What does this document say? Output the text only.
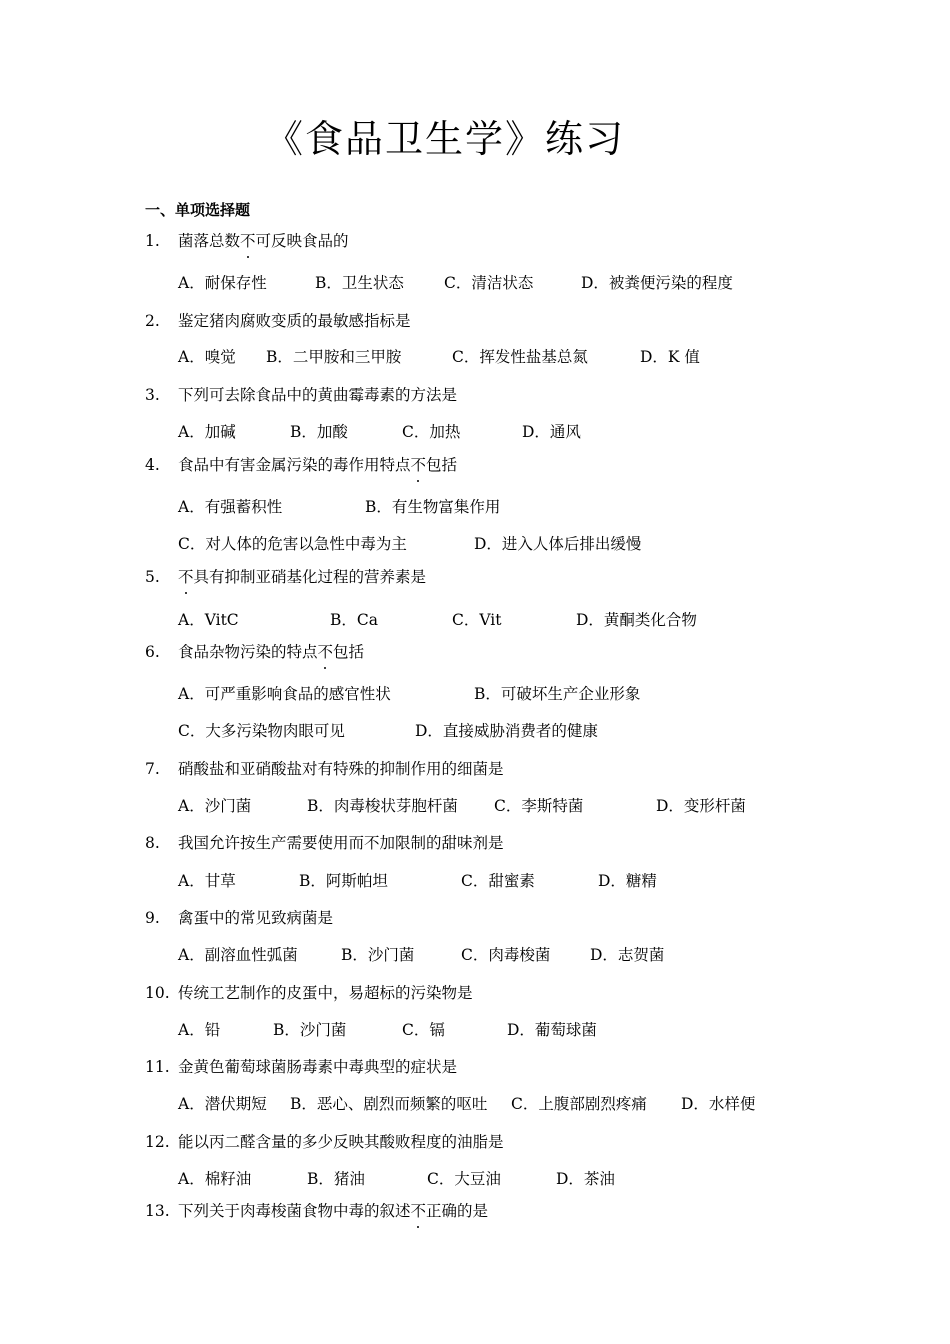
《食品卫生学》练习
一、单项选择题
1. 菌落总数不可反映食品的
A．耐保存性	B．卫生状态	C．清洁状态	D．被粪便污染的程度
2. 鉴定猪肉腐败变质的最敏感指标是
A．嗅觉 B．二甲胺和三甲胺	C．挥发性盐基总氮	D．K 值
3. 下列可去除食品中的黄曲霉毒素的方法是
A．加碱	B．加酸	C．加热	D．通风
4. 食品中有害金属污染的毒作用特点不包括
A．有强蓄积性	B．有生物富集作用
C．对人体的危害以急性中毒为主	D．进入人体后排出缓慢
5. 不具有抑制亚硝基化过程的营养素是
A．VitC	B．Ca	C．Vit	D．黄酮类化合物
6. 食品杂物污染的特点不包括
A．可严重影响食品的感官性状	B．可破坏生产企业形象
C．大多污染物肉眼可见	D．直接威胁消费者的健康
7. 硝酸盐和亚硝酸盐对有特殊的抑制作用的细菌是
A．沙门菌	B．肉毒梭状芽胞杆菌 C．李斯特菌	D．变形杆菌
8. 我国允许按生产需要使用而不加限制的甜味剂是
A．甘草	B．阿斯帕坦	C．甜蜜素	D．糖精
9. 禽蛋中的常见致病菌是
A．副溶血性弧菌	B．沙门菌	C．肉毒梭菌	D．志贺菌
10. 传统工艺制作的皮蛋中，易超标的污染物是
A．铅	B．沙门菌	C．镉	D．葡萄球菌
11. 金黄色葡萄球菌肠毒素中毒典型的症状是
A．潜伏期短 B．恶心、剧烈而频繁的呕吐 C．上腹部剧烈疼痛 D．水样便
12. 能以丙二醛含量的多少反映其酸败程度的油脂是
A．棉籽油	B．猪油	C．大豆油	D．茶油
13. 下列关于肉毒梭菌食物中毒的叙述不正确的是
